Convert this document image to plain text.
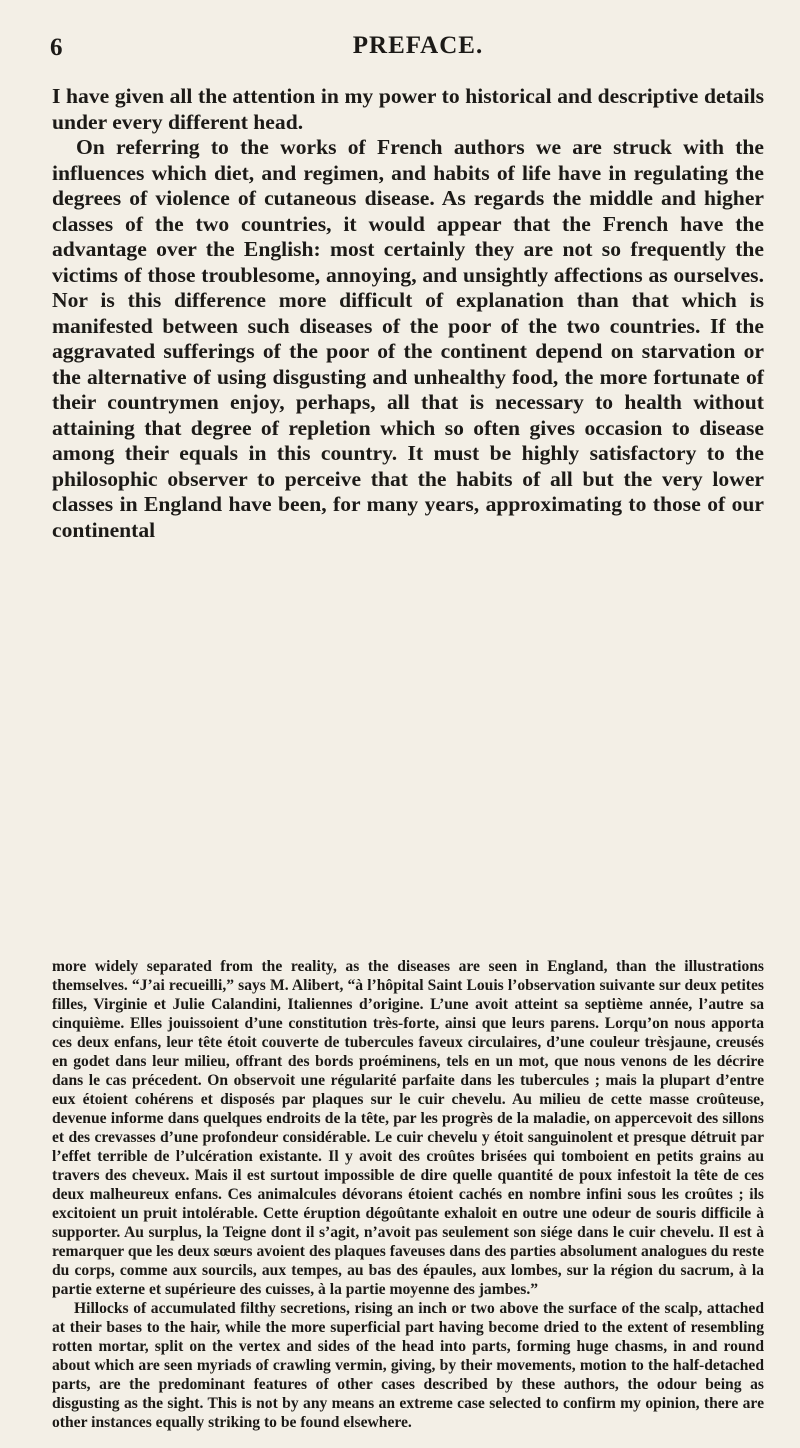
6	PREFACE.

I have given all the attention in my power to historical and descriptive details under every different head.

On referring to the works of French authors we are struck with the influences which diet, and regimen, and habits of life have in regulating the degrees of violence of cutaneous disease. As regards the middle and higher classes of the two countries, it would appear that the French have the advantage over the English: most certainly they are not so frequently the victims of those troublesome, annoying, and unsightly affections as ourselves. Nor is this difference more difficult of explanation than that which is manifested between such diseases of the poor of the two countries. If the aggravated sufferings of the poor of the continent depend on starvation or the alternative of using disgusting and unhealthy food, the more fortunate of their countrymen enjoy, perhaps, all that is necessary to health without attaining that degree of repletion which so often gives occasion to disease among their equals in this country. It must be highly satisfactory to the philosophic observer to perceive that the habits of all but the very lower classes in England have been, for many years, approximating to those of our continental

more widely separated from the reality, as the diseases are seen in England, than the illustrations themselves. “J’ai recueilli,” says M. Alibert, “à l’hôpital Saint Louis l’observation suivante sur deux petites filles, Virginie et Julie Calandini, Italiennes d’origine. L’une avoit atteint sa septième année, l’autre sa cinquième. Elles jouissoient d’une constitution très-forte, ainsi que leurs parens. Lorqu’on nous apporta ces deux enfans, leur tête étoit couverte de tubercules faveux circulaires, d’une couleur trèsjaune, creusés en godet dans leur milieu, offrant des bords proéminens, tels en un mot, que nous venons de les décrire dans le cas précedent. On observoit une régularité parfaite dans les tubercules ; mais la plupart d’entre eux étoient cohérens et disposés par plaques sur le cuir chevelu. Au milieu de cette masse croûteuse, devenue informe dans quelques endroits de la tête, par les progrès de la maladie, on appercevoit des sillons et des crevasses d’une profondeur considérable. Le cuir chevelu y étoit sanguinolent et presque détruit par l’effet terrible de l’ulcération existante. Il y avoit des croûtes brisées qui tomboient en petits grains au travers des cheveux. Mais il est surtout impossible de dire quelle quantité de poux infestoit la tête de ces deux malheureux enfans. Ces animalcules dévorans étoient cachés en nombre infini sous les croûtes ; ils excitoient un pruit intolérable. Cette éruption dégoûtante exhaloit en outre une odeur de souris difficile à supporter. Au surplus, la Teigne dont il s’agit, n’avoit pas seulement son siége dans le cuir chevelu. Il est à remarquer que les deux sœurs avoient des plaques faveuses dans des parties absolument analogues du reste du corps, comme aux sourcils, aux tempes, au bas des épaules, aux lombes, sur la région du sacrum, à la partie externe et supérieure des cuisses, à la partie moyenne des jambes.”

Hillocks of accumulated filthy secretions, rising an inch or two above the surface of the scalp, attached at their bases to the hair, while the more superficial part having become dried to the extent of resembling rotten mortar, split on the vertex and sides of the head into parts, forming huge chasms, in and round about which are seen myriads of crawling vermin, giving, by their movements, motion to the half-detached parts, are the predominant features of other cases described by these authors, the odour being as disgusting as the sight. This is not by any means an extreme case selected to confirm my opinion, there are other instances equally striking to be found elsewhere.
